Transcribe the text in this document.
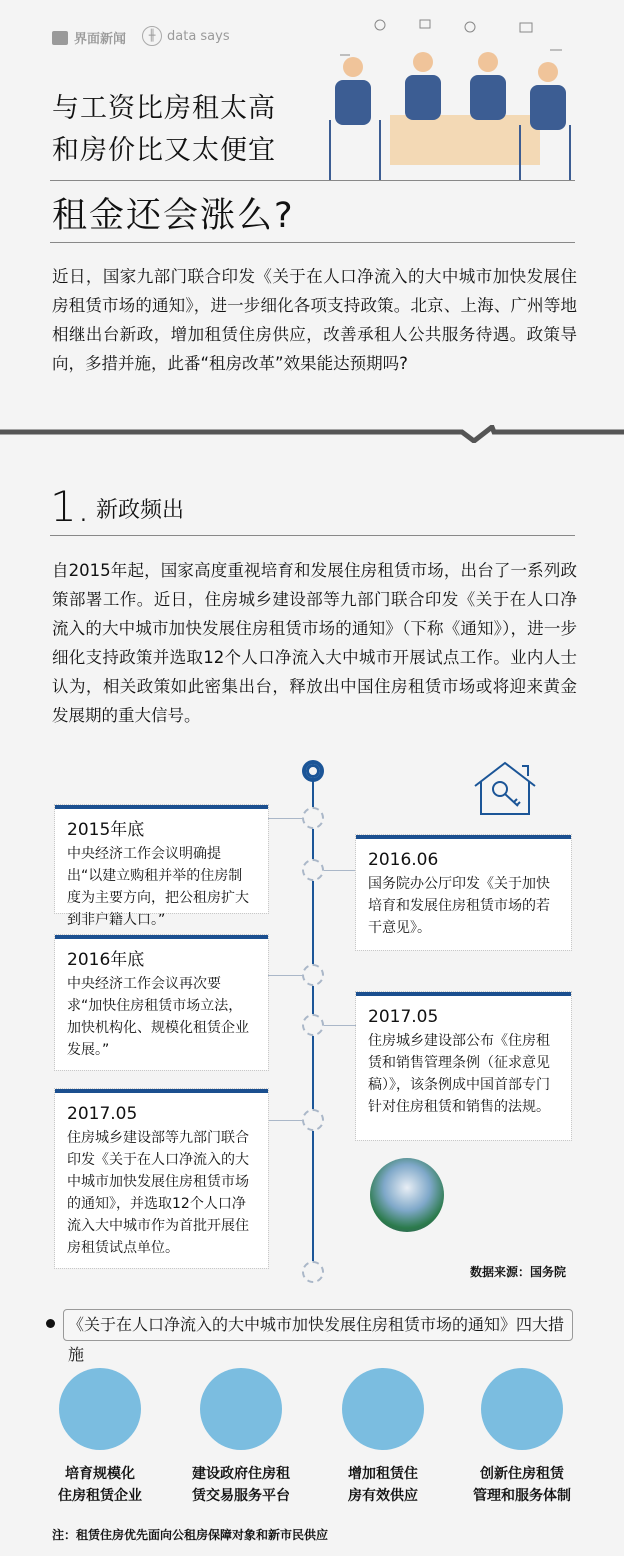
界面新闻	╫ data says
与工资比房租太高
和房价比又太便宜
租金还会涨么?
近日，国家九部门联合印发《关于在人口净流入的大中城市加快发展住房租赁市场的通知》，进一步细化各项支持政策。北京、上海、广州等地相继出台新政，增加租赁住房供应，改善承租人公共服务待遇。政策导向，多措并施，此番“租房改革”效果能达预期吗?
1. 新政频出
自2015年起，国家高度重视培育和发展住房租赁市场，出台了一系列政策部署工作。近日，住房城乡建设部等九部门联合印发《关于在人口净流入的大中城市加快发展住房租赁市场的通知》（下称《通知》），进一步细化支持政策并选取12个人口净流入大中城市开展试点工作。业内人士认为，相关政策如此密集出台，释放出中国住房租赁市场或将迎来黄金发展期的重大信号。
2015年底
中央经济工作会议明确提出“以建立购租并举的住房制度为主要方向，把公租房扩大到非户籍人口。”
2016年底
中央经济工作会议再次要求“加快住房租赁市场立法，加快机构化、规模化租赁企业发展。”
2017.05
住房城乡建设部等九部门联合印发《关于在人口净流入的大中城市加快发展住房租赁市场的通知》，并选取12个人口净流入大中城市作为首批开展住房租赁试点单位。
2016.06
国务院办公厅印发《关于加快培育和发展住房租赁市场的若干意见》。
2017.05
住房城乡建设部公布《住房租赁和销售管理条例（征求意见稿）》，该条例成中国首部专门针对住房租赁和销售的法规。
数据来源：国务院
《关于在人口净流入的大中城市加快发展住房租赁市场的通知》四大措施
培育规模化
住房租赁企业
建设政府住房租
赁交易服务平台
增加租赁住
房有效供应
创新住房租赁
管理和服务体制
注：租赁住房优先面向公租房保障对象和新市民供应
